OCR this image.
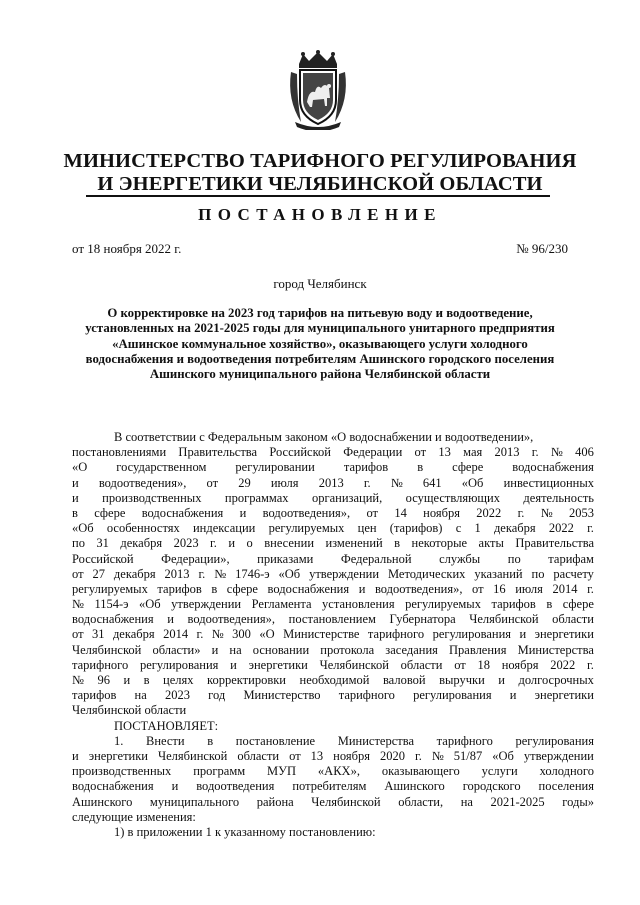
МИНИСТЕРСТВО ТАРИФНОГО РЕГУЛИРОВАНИЯ
И ЭНЕРГЕТИКИ ЧЕЛЯБИНСКОЙ ОБЛАСТИ
ПОСТАНОВЛЕНИЕ
от 18 ноября 2022 г.	№ 96/230
город Челябинск
О корректировке на 2023 год тарифов на питьевую воду и водоотведение,
установленных на 2021-2025 годы для муниципального унитарного предприятия
«Ашинское коммунальное хозяйство», оказывающего услуги холодного
водоснабжения и водоотведения потребителям Ашинского городского поселения
Ашинского муниципального района Челябинской области
В соответствии с Федеральным законом «О водоснабжении и водоотведении»,
постановлениями Правительства Российской Федерации от 13 мая 2013 г. № 406
«О государственном регулировании тарифов в сфере водоснабжения
и водоотведения», от 29 июля 2013 г. № 641 «Об инвестиционных
и производственных программах организаций, осуществляющих деятельность
в сфере водоснабжения и водоотведения», от 14 ноября 2022 г. № 2053
«Об особенностях индексации регулируемых цен (тарифов) с 1 декабря 2022 г.
по 31 декабря 2023 г. и о внесении изменений в некоторые акты Правительства
Российской Федерации», приказами Федеральной службы по тарифам
от 27 декабря 2013 г. № 1746-э «Об утверждении Методических указаний по расчету
регулируемых тарифов в сфере водоснабжения и водоотведения», от 16 июля 2014 г.
№ 1154-э «Об утверждении Регламента установления регулируемых тарифов в сфере
водоснабжения и водоотведения», постановлением Губернатора Челябинской области
от 31 декабря 2014 г. № 300 «О Министерстве тарифного регулирования и энергетики
Челябинской области» и на основании протокола заседания Правления Министерства
тарифного регулирования и энергетики Челябинской области от 18 ноября 2022 г.
№ 96 и в целях корректировки необходимой валовой выручки и долгосрочных
тарифов на 2023 год Министерство тарифного регулирования и энергетики
Челябинской области
ПОСТАНОВЛЯЕТ:
1. Внести в постановление Министерства тарифного регулирования
и энергетики Челябинской области от 13 ноября 2020 г. № 51/87 «Об утверждении
производственных программ МУП «АКХ», оказывающего услуги холодного
водоснабжения и водоотведения потребителям Ашинского городского поселения
Ашинского муниципального района Челябинской области, на 2021-2025 годы»
следующие изменения:
1) в приложении 1 к указанному постановлению:
